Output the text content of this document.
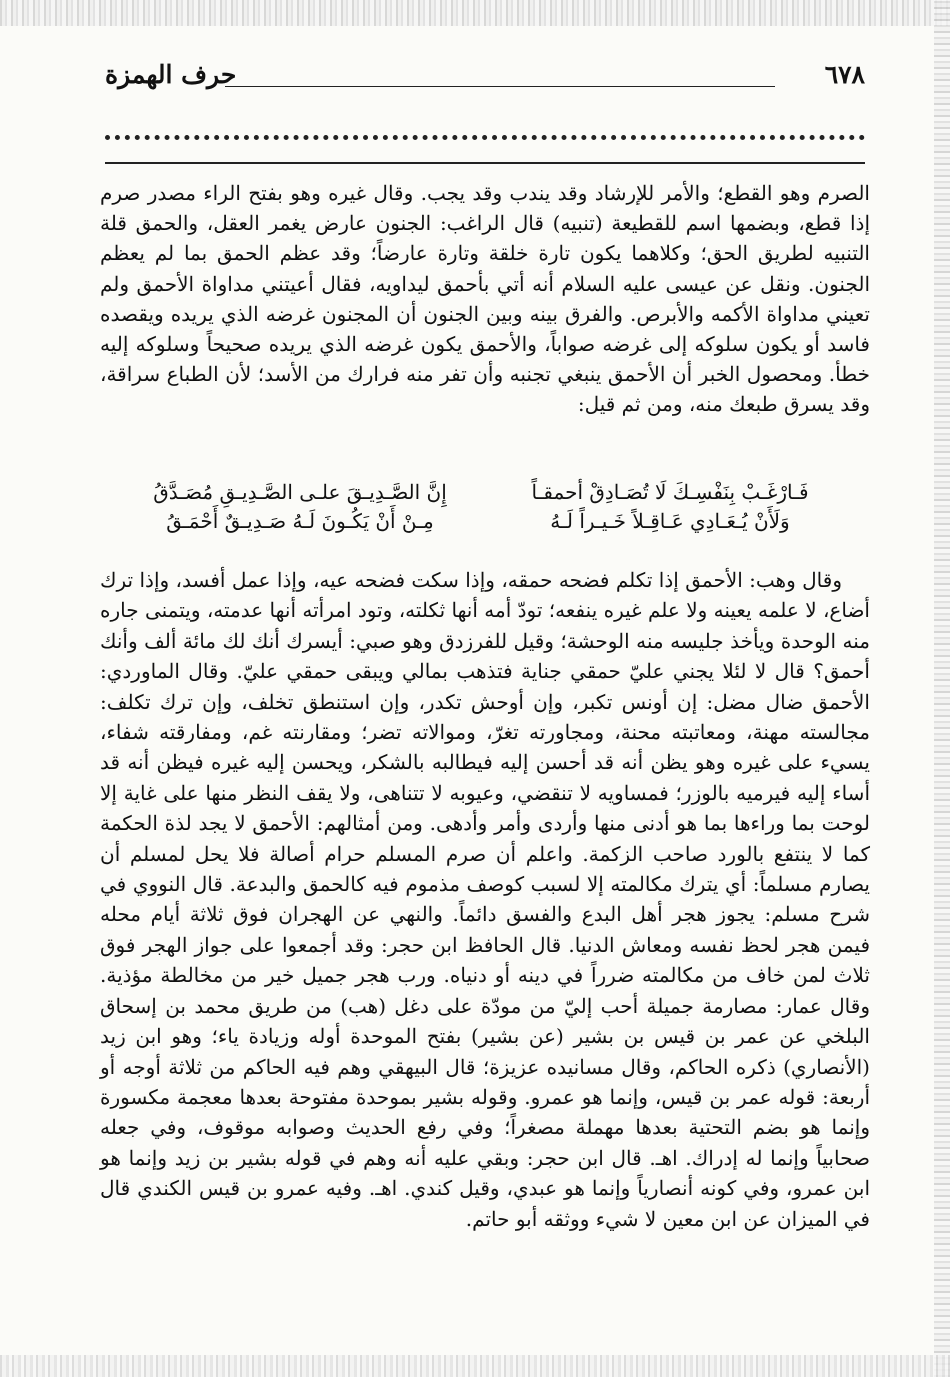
٦٧٨
حرف الهمزة

الصرم وهو القطع؛ والأمر للإرشاد وقد يندب وقد يجب. وقال غيره وهو بفتح الراء مصدر صرم إذا قطع، وبضمها اسم للقطيعة (تنبيه) قال الراغب: الجنون عارض يغمر العقل، والحمق قلة التنبيه لطريق الحق؛ وكلاهما يكون تارة خلقة وتارة عارضاً؛ وقد عظم الحمق بما لم يعظم الجنون. ونقل عن عيسى عليه السلام أنه أتي بأحمق ليداويه، فقال أعيتني مداواة الأحمق ولم تعيني مداواة الأكمه والأبرص. والفرق بينه وبين الجنون أن المجنون غرضه الذي يريده ويقصده فاسد أو يكون سلوكه إلى غرضه صواباً، والأحمق يكون غرضه الذي يريده صحيحاً وسلوكه إليه خطأ. ومحصول الخبر أن الأحمق ينبغي تجنبه وأن تفر منه فرارك من الأسد؛ لأن الطباع سراقة، وقد يسرق طبعك منه، ومن ثم قيل:

فَـارْغَـبْ بِنَفْسِـكَ لَا تُصَـادِقْ أحمقـاً
إِنَّ الصَّـدِيـقَ علـى الصَّـدِيـقِ مُصَـدَّقُ
وَلَأَنْ يُـعَـادِي عَـاقِـلاً خَـيـراً لَـهُ
مِـنْ أَنْ يَكُـونَ لَـهُ صَـدِيـقٌ أَحْمَـقُ

وقال وهب: الأحمق إذا تكلم فضحه حمقه، وإذا سكت فضحه عيه، وإذا عمل أفسد، وإذا ترك أضاع، لا علمه يعينه ولا علم غيره ينفعه؛ تودّ أمه أنها ثكلته، وتود امرأته أنها عدمته، ويتمنى جاره منه الوحدة ويأخذ جليسه منه الوحشة؛ وقيل للفرزدق وهو صبي: أيسرك أنك لك مائة ألف وأنك أحمق؟ قال لا لئلا يجني عليّ حمقي جناية فتذهب بمالي ويبقى حمقي عليّ. وقال الماوردي: الأحمق ضال مضل: إن أونس تكبر، وإن أوحش تكدر، وإن استنطق تخلف، وإن ترك تكلف: مجالسته مهنة، ومعاتبته محنة، ومجاورته تغرّ، وموالاته تضر؛ ومقارنته غم، ومفارقته شفاء، يسيء على غيره وهو يظن أنه قد أحسن إليه فيطالبه بالشكر، ويحسن إليه غيره فيظن أنه قد أساء إليه فيرميه بالوزر؛ فمساويه لا تنقضي، وعيوبه لا تتناهى، ولا يقف النظر منها على غاية إلا لوحت بما وراءها بما هو أدنى منها وأردى وأمر وأدهى. ومن أمثالهم: الأحمق لا يجد لذة الحكمة كما لا ينتفع بالورد صاحب الزكمة. واعلم أن صرم المسلم حرام أصالة فلا يحل لمسلم أن يصارم مسلماً: أي يترك مكالمته إلا لسبب كوصف مذموم فيه كالحمق والبدعة. قال النووي في شرح مسلم: يجوز هجر أهل البدع والفسق دائماً. والنهي عن الهجران فوق ثلاثة أيام محله فيمن هجر لحظ نفسه ومعاش الدنيا. قال الحافظ ابن حجر: وقد أجمعوا على جواز الهجر فوق ثلاث لمن خاف من مكالمته ضرراً في دينه أو دنياه. ورب هجر جميل خير من مخالطة مؤذية. وقال عمار: مصارمة جميلة أحب إليّ من مودّة على دغل (هب) من طريق محمد بن إسحاق البلخي عن عمر بن قيس بن بشير (عن بشير) بفتح الموحدة أوله وزيادة ياء؛ وهو ابن زيد (الأنصاري) ذكره الحاكم، وقال مسانيده عزيزة؛ قال البيهقي وهم فيه الحاكم من ثلاثة أوجه أو أربعة: قوله عمر بن قيس، وإنما هو عمرو. وقوله بشير بموحدة مفتوحة بعدها معجمة مكسورة وإنما هو بضم التحتية بعدها مهملة مصغراً؛ وفي رفع الحديث وصوابه موقوف، وفي جعله صحابياً وإنما له إدراك. اهـ. قال ابن حجر: وبقي عليه أنه وهم في قوله بشير بن زيد وإنما هو ابن عمرو، وفي كونه أنصارياً وإنما هو عبدي، وقيل كندي. اهـ. وفيه عمرو بن قيس الكندي قال في الميزان عن ابن معين لا شيء ووثقه أبو حاتم.
